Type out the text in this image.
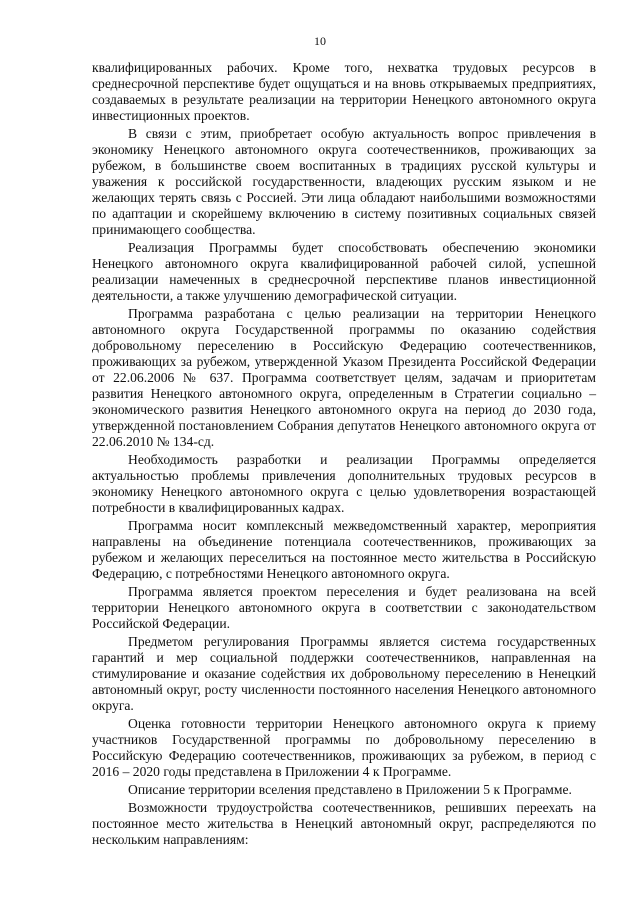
10

квалифицированных рабочих. Кроме того, нехватка трудовых ресурсов в среднесрочной перспективе будет ощущаться и на вновь открываемых предприятиях, создаваемых в результате реализации на территории Ненецкого автономного округа инвестиционных проектов.

В связи с этим, приобретает особую актуальность вопрос привлечения в экономику Ненецкого автономного округа соотечественников, проживающих за рубежом, в большинстве своем воспитанных в традициях русской культуры и уважения к российской государственности, владеющих русским языком и не желающих терять связь с Россией. Эти лица обладают наибольшими возможностями по адаптации и скорейшему включению в систему позитивных социальных связей принимающего сообщества.

Реализация Программы будет способствовать обеспечению экономики Ненецкого автономного округа квалифицированной рабочей силой, успешной реализации намеченных в среднесрочной перспективе планов инвестиционной деятельности, а также улучшению демографической ситуации.

Программа разработана с целью реализации на территории Ненецкого автономного округа Государственной программы по оказанию содействия добровольному переселению в Российскую Федерацию соотечественников, проживающих за рубежом, утвержденной Указом Президента Российской Федерации от 22.06.2006 № 637. Программа соответствует целям, задачам и приоритетам развития Ненецкого автономного округа, определенным в Стратегии социально – экономического развития Ненецкого автономного округа на период до 2030 года, утвержденной постановлением Собрания депутатов Ненецкого автономного округа от 22.06.2010 № 134-сд.

Необходимость разработки и реализации Программы определяется актуальностью проблемы привлечения дополнительных трудовых ресурсов в экономику Ненецкого автономного округа с целью удовлетворения возрастающей потребности в квалифицированных кадрах.

Программа носит комплексный межведомственный характер, мероприятия направлены на объединение потенциала соотечественников, проживающих за рубежом и желающих переселиться на постоянное место жительства в Российскую Федерацию, с потребностями Ненецкого автономного округа.

Программа является проектом переселения и будет реализована на всей территории Ненецкого автономного округа в соответствии с законодательством Российской Федерации.

Предметом регулирования Программы является система государственных гарантий и мер социальной поддержки соотечественников, направленная на стимулирование и оказание содействия их добровольному переселению в Ненецкий автономный округ, росту численности постоянного населения Ненецкого автономного округа.

Оценка готовности территории Ненецкого автономного округа к приему участников Государственной программы по добровольному переселению в Российскую Федерацию соотечественников, проживающих за рубежом, в период с 2016 – 2020 годы представлена в Приложении 4 к Программе.

Описание территории вселения представлено в Приложении 5 к Программе.

Возможности трудоустройства соотечественников, решивших переехать на постоянное место жительства в Ненецкий автономный округ, распределяются по нескольким направлениям:
